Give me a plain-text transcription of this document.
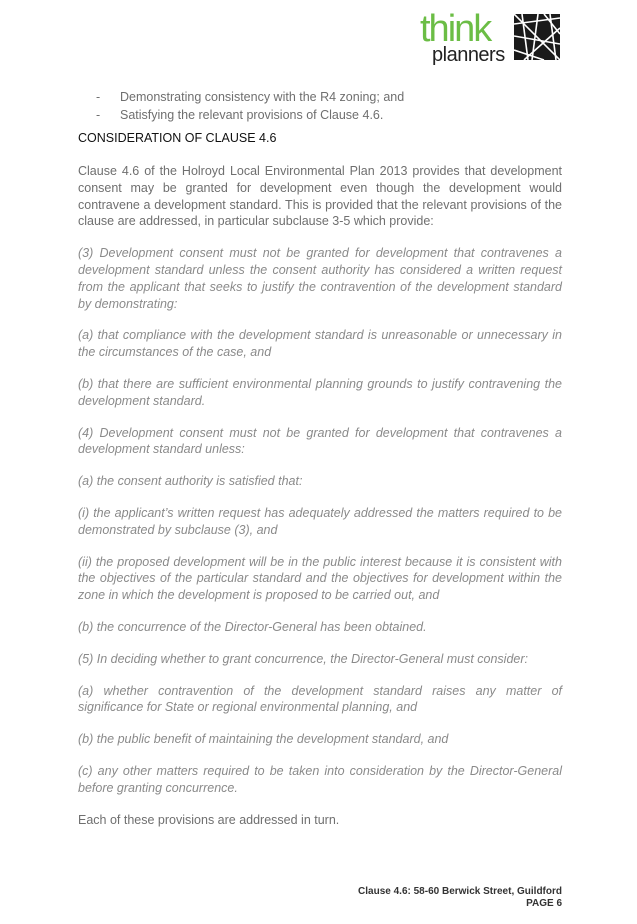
think
planners
-	Demonstrating consistency with the R4 zoning; and
-	Satisfying the relevant provisions of Clause 4.6.
CONSIDERATION OF CLAUSE 4.6

Clause 4.6 of the Holroyd Local Environmental Plan 2013 provides that development consent may be granted for development even though the development would contravene a development standard. This is provided that the relevant provisions of the clause are addressed, in particular subclause 3-5 which provide:

(3) Development consent must not be granted for development that contravenes a development standard unless the consent authority has considered a written request from the applicant that seeks to justify the contravention of the development standard by demonstrating:

(a) that compliance with the development standard is unreasonable or unnecessary in the circumstances of the case, and

(b) that there are sufficient environmental planning grounds to justify contravening the development standard.

(4) Development consent must not be granted for development that contravenes a development standard unless:

(a) the consent authority is satisfied that:

(i) the applicant’s written request has adequately addressed the matters required to be demonstrated by subclause (3), and

(ii) the proposed development will be in the public interest because it is consistent with the objectives of the particular standard and the objectives for development within the zone in which the development is proposed to be carried out, and

(b) the concurrence of the Director-General has been obtained.

(5) In deciding whether to grant concurrence, the Director-General must consider:

(a) whether contravention of the development standard raises any matter of significance for State or regional environmental planning, and

(b) the public benefit of maintaining the development standard, and

(c) any other matters required to be taken into consideration by the Director-General before granting concurrence.

Each of these provisions are addressed in turn.

Clause 4.6: 58-60 Berwick Street, Guildford
PAGE 6
